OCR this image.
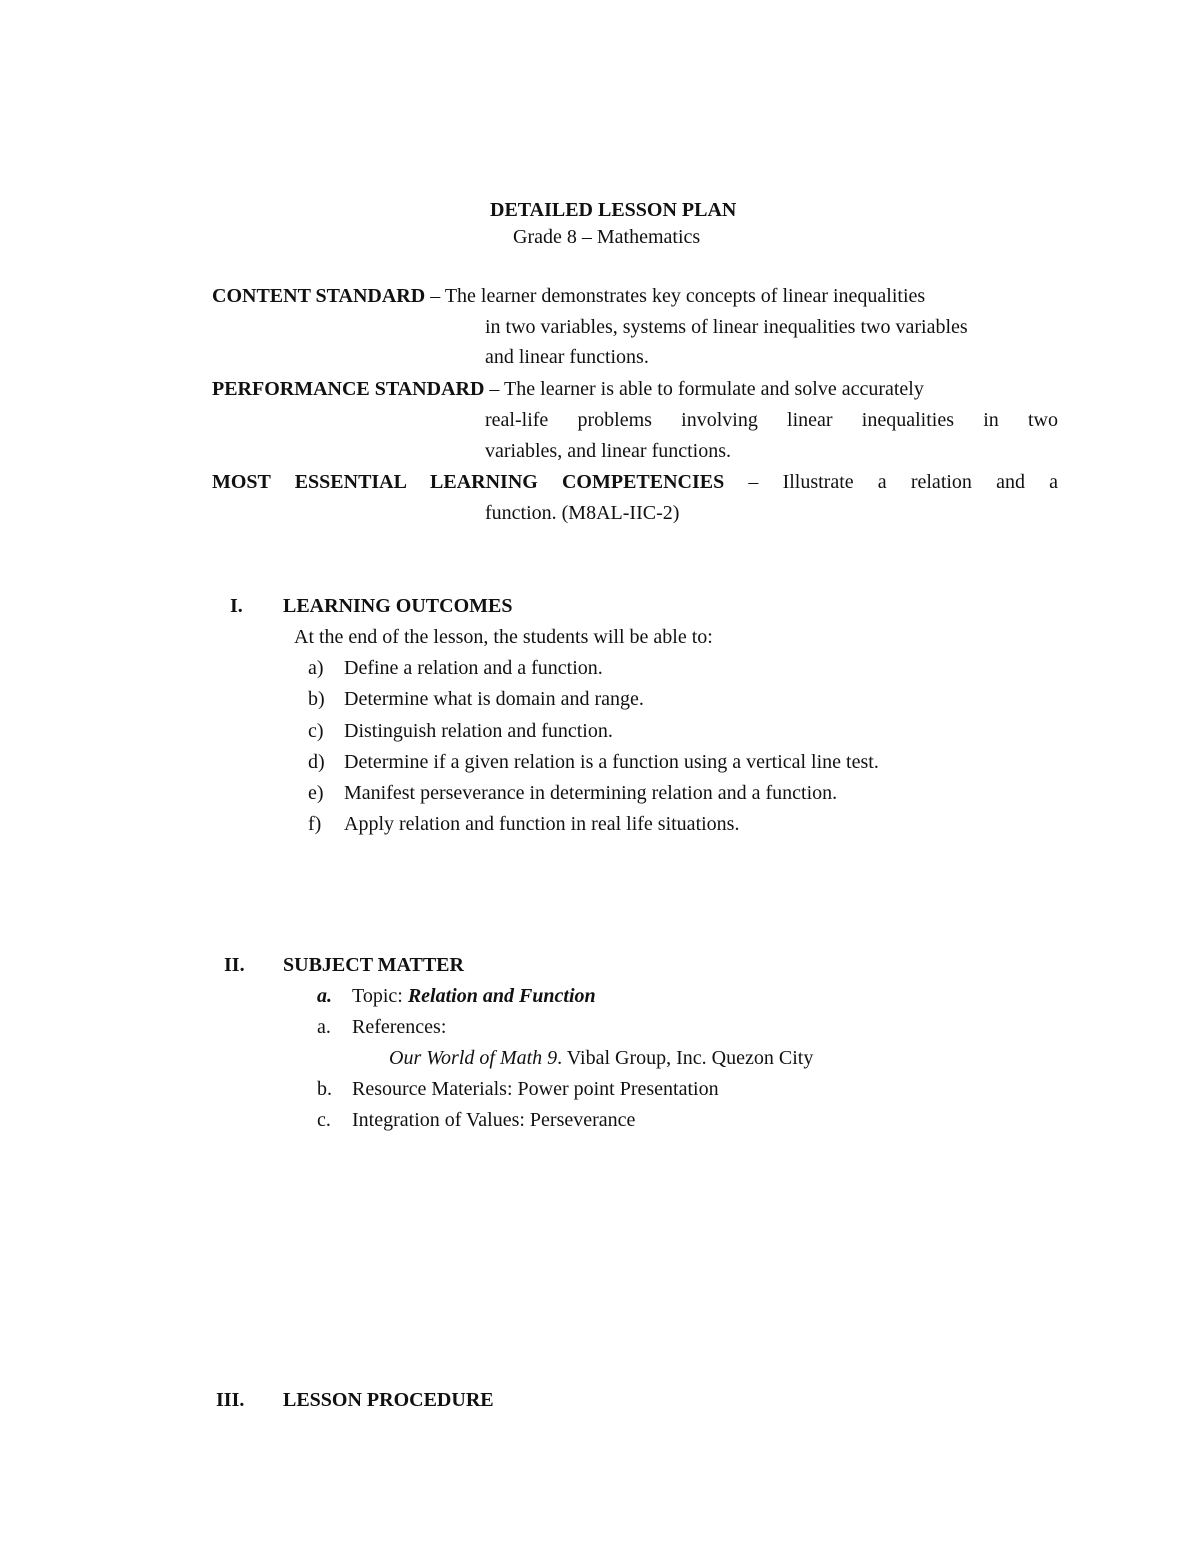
DETAILED LESSON PLAN
Grade 8 – Mathematics
CONTENT STANDARD – The learner demonstrates key concepts of linear inequalities
in two variables, systems of linear inequalities two variables
and linear functions.
PERFORMANCE STANDARD – The learner is able to formulate and solve accurately
real-life problems involving linear inequalities in two
variables, and linear functions.
MOST ESSENTIAL LEARNING COMPETENCIES – Illustrate a relation and a
function. (M8AL-IIC-2)
I. LEARNING OUTCOMES
At the end of the lesson, the students will be able to:
a) Define a relation and a function.
b) Determine what is domain and range.
c) Distinguish relation and function.
d) Determine if a given relation is a function using a vertical line test.
e) Manifest perseverance in determining relation and a function.
f) Apply relation and function in real life situations.
II. SUBJECT MATTER
a. Topic: Relation and Function
a. References:
Our World of Math 9. Vibal Group, Inc. Quezon City
b. Resource Materials: Power point Presentation
c. Integration of Values: Perseverance
III. LESSON PROCEDURE
